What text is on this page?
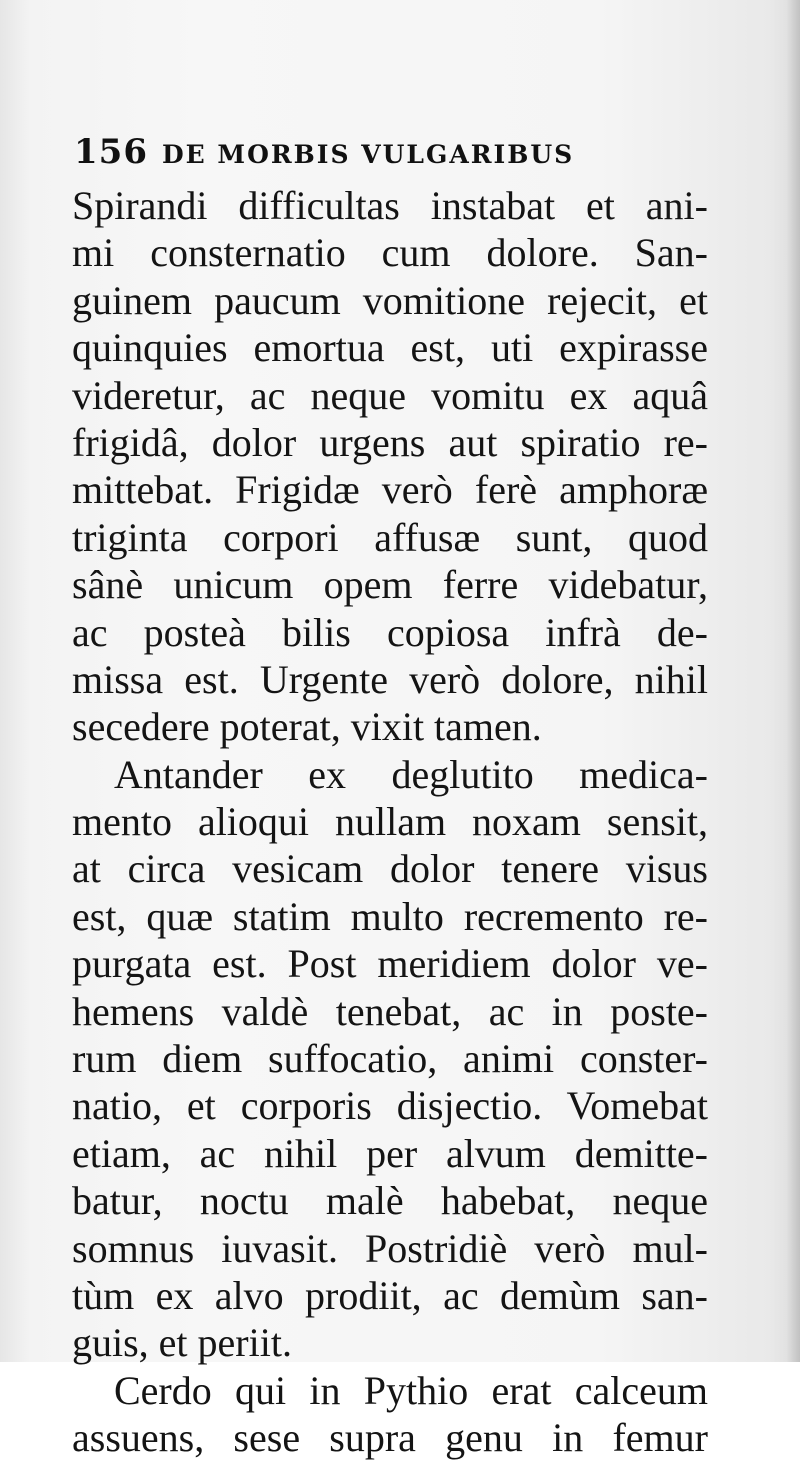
156 DE MORBIS VULGARIBUS
Spirandi difficultas instabat et ani-
mi consternatio cum dolore. San-
guinem paucum vomitione rejecit, et
quinquies emortua est, uti expirasse
videretur, ac neque vomitu ex aquâ
frigidâ, dolor urgens aut spiratio re-
mittebat. Frigidæ verò ferè amphoræ
triginta corpori affusæ sunt, quod
sânè unicum opem ferre videbatur,
ac posteà bilis copiosa infrà de-
missa est. Urgente verò dolore, nihil
secedere poterat, vixit tamen.
Antander ex deglutito medica-
mento alioqui nullam noxam sensit,
at circa vesicam dolor tenere visus
est, quæ statim multo recremento re-
purgata est. Post meridiem dolor ve-
hemens valdè tenebat, ac in poste-
rum diem suffocatio, animi conster-
natio, et corporis disjectio. Vomebat
etiam, ac nihil per alvum demitte-
batur, noctu malè habebat, neque
somnus iuvasit. Postridiè verò mul-
tùm ex alvo prodiit, ac demùm san-
guis, et periit.
Cerdo qui in Pythio erat calceum
assuens, sese supra genu in femur
